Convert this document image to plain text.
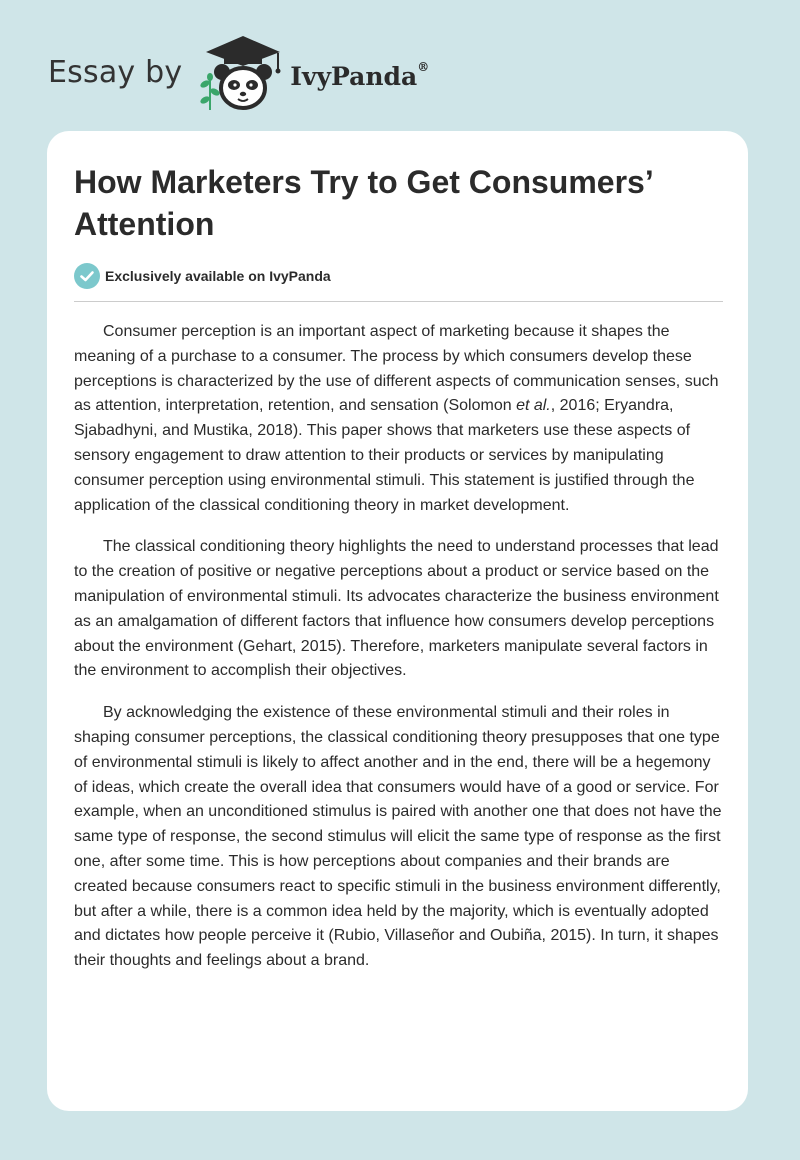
Essay by	IvyPanda®
How Marketers Try to Get Consumers’ Attention
Exclusively available on IvyPanda

Consumer perception is an important aspect of marketing because it shapes the meaning of a purchase to a consumer. The process by which consumers develop these perceptions is characterized by the use of different aspects of communication senses, such as attention, interpretation, retention, and sensation (Solomon et al., 2016; Eryandra, Sjabadhyni, and Mustika, 2018). This paper shows that marketers use these aspects of sensory engagement to draw attention to their products or services by manipulating consumer perception using environmental stimuli. This statement is justified through the application of the classical conditioning theory in market development.

The classical conditioning theory highlights the need to understand processes that lead to the creation of positive or negative perceptions about a product or service based on the manipulation of environmental stimuli. Its advocates characterize the business environment as an amalgamation of different factors that influence how consumers develop perceptions about the environment (Gehart, 2015). Therefore, marketers manipulate several factors in the environment to accomplish their objectives.

By acknowledging the existence of these environmental stimuli and their roles in shaping consumer perceptions, the classical conditioning theory presupposes that one type of environmental stimuli is likely to affect another and in the end, there will be a hegemony of ideas, which create the overall idea that consumers would have of a good or service. For example, when an unconditioned stimulus is paired with another one that does not have the same type of response, the second stimulus will elicit the same type of response as the first one, after some time. This is how perceptions about companies and their brands are created because consumers react to specific stimuli in the business environment differently, but after a while, there is a common idea held by the majority, which is eventually adopted and dictates how people perceive it (Rubio, Villaseñor and Oubiña, 2015). In turn, it shapes their thoughts and feelings about a brand.
